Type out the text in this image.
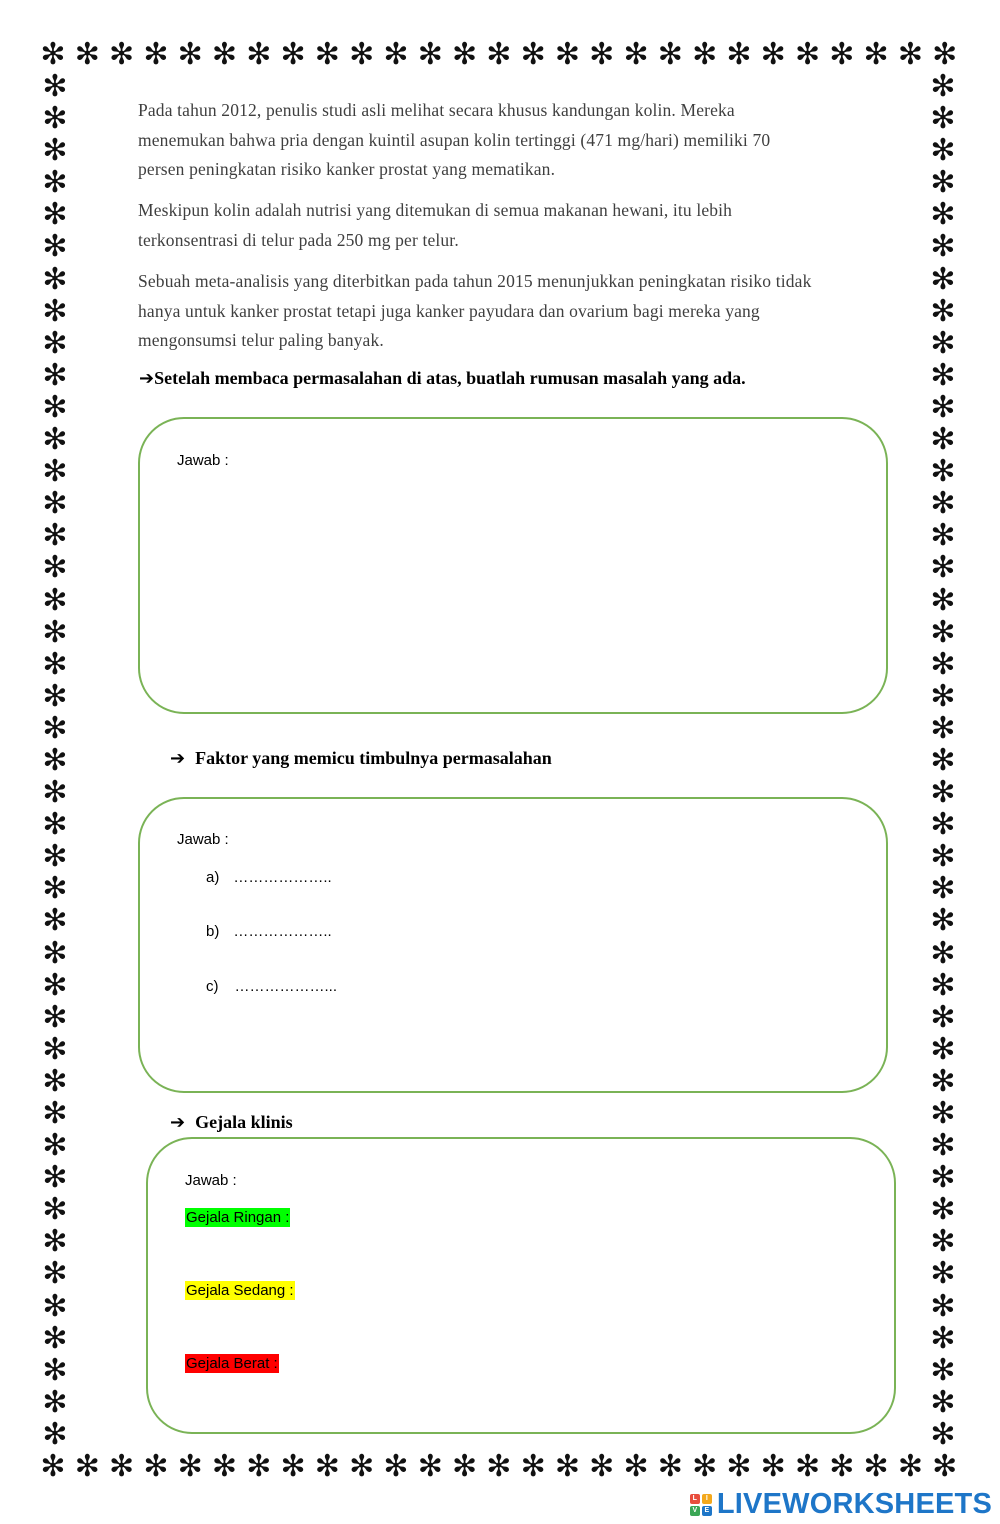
✻ ✻ ✻ ✻ ✻ ✻ ✻ ✻ ✻ ✻ ✻ ✻ ✻ ✻ ✻ ✻ ✻ ✻ ✻ ✻ ✻ ✻ ✻ ✻ ✻ ✻ ✻
✻ ✻ ✻ ✻ ✻ ✻ ✻ ✻ ✻ ✻ ✻ ✻ ✻ ✻ ✻ ✻ ✻ ✻ ✻ ✻ ✻ ✻ ✻ ✻ ✻ ✻ ✻
✻
✻
✻
✻
✻
✻
✻
✻
✻
✻
✻
✻
✻
✻
✻
✻
✻
✻
✻
✻
✻
✻
✻
✻
✻
✻
✻
✻
✻
✻
✻
✻
✻
✻
✻
✻
✻
✻
✻
✻
✻
✻
✻
✻
✻
✻
✻
✻
✻
✻
✻
✻
✻
✻
✻
✻
✻
✻
✻
✻
✻
✻
✻
✻
✻
✻
✻
✻
✻
✻
✻
✻
✻
✻
✻
✻
✻
✻
✻
✻
✻
✻
✻
✻
✻
✻

Pada tahun 2012, penulis studi asli melihat secara khusus kandungan kolin. Mereka
menemukan bahwa pria dengan kuintil asupan kolin tertinggi (471 mg/hari) memiliki 70
persen peningkatan risiko kanker prostat yang mematikan.

Meskipun kolin adalah nutrisi yang ditemukan di semua makanan hewani, itu lebih
terkonsentrasi di telur pada 250 mg per telur.

Sebuah meta-analisis yang diterbitkan pada tahun 2015 menunjukkan peningkatan risiko tidak
hanya untuk kanker prostat tetapi juga kanker payudara dan ovarium bagi mereka yang
mengonsumsi telur paling banyak.

➔Setelah membaca permasalahan di atas, buatlah rumusan masalah yang ada.

Jawab :

➔ Faktor yang memicu timbulnya permasalahan

Jawab :

a) ………………..

b) ………………..

c) ………………...

➔ Gejala klinis

Jawab :

Gejala Ringan :

Gejala Sedang :

Gejala Berat :

L	I
V	E LIVEWORKSHEETS
